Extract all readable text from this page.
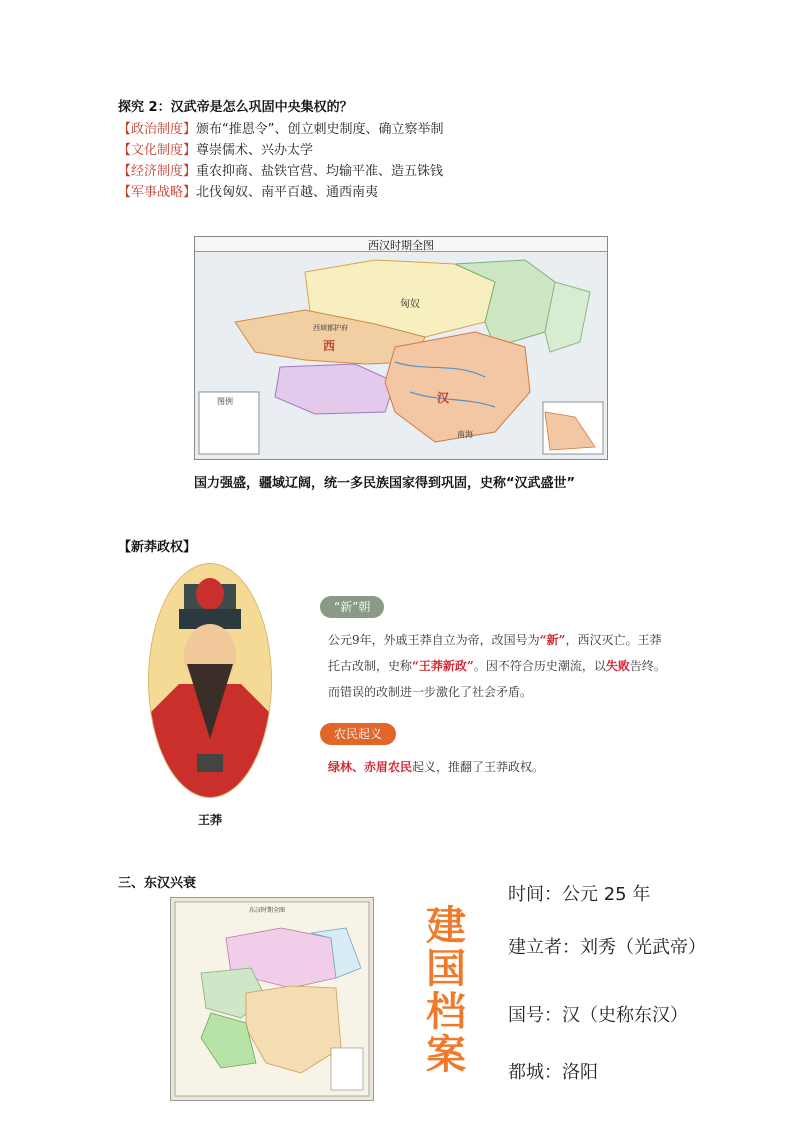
探究 2：汉武帝是怎么巩固中央集权的？
【政治制度】颁布“推恩令”、创立刺史制度、确立察举制
【文化制度】尊崇儒术、兴办太学
【经济制度】重农抑商、盐铁官营、均输平准、造五铢钱
【军事战略】北伐匈奴、南平百越、通西南夷
西汉时期全图
匈奴
西
汉
南海
西域都护府
图例
国力强盛，疆域辽阔，统一多民族国家得到巩固，史称“汉武盛世”
【新莽政权】
王莽
“新”朝
公元9年，外戚王莽自立为帝，改国号为“新”，西汉灭亡。王莽托古改制，史称“王莽新政”。因不符合历史潮流，以失败告终。而错误的改制进一步激化了社会矛盾。
农民起义
绿林、赤眉农民起义，推翻了王莽政权。
三、东汉兴衰
东汉时期全图	建
国
档
案
时间：公元 25 年
建立者：刘秀（光武帝）
国号：汉（史称东汉）
都城：洛阳
